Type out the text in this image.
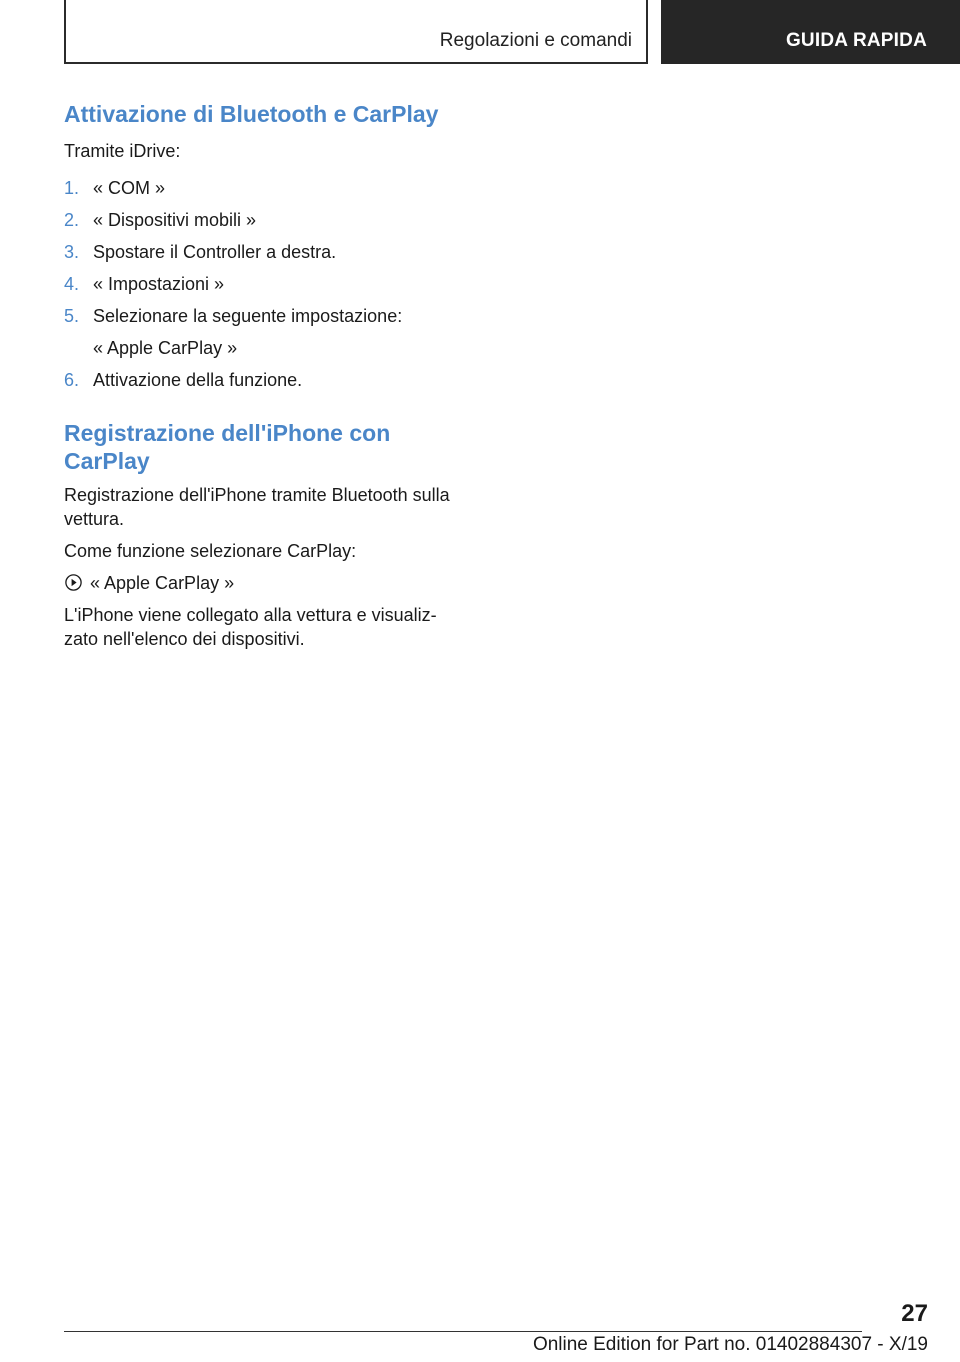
Regolazioni e comandi	GUIDA RAPIDA
Attivazione di Bluetooth e CarPlay

Tramite iDrive:

1. « COM »
2. « Dispositivi mobili »
3. Spostare il Controller a destra.
4. « Impostazioni »
5. Selezionare la seguente impostazione:
« Apple CarPlay »
6. Attivazione della funzione.
Registrazione dell'iPhone con
CarPlay

Registrazione dell'iPhone tramite Bluetooth sulla
vettura.

Come funzione selezionare CarPlay:

« Apple CarPlay »

L'iPhone viene collegato alla vettura e visualiz-
zato nell'elenco dei dispositivi.

27
Online Edition for Part no. 01402884307 - X/19
